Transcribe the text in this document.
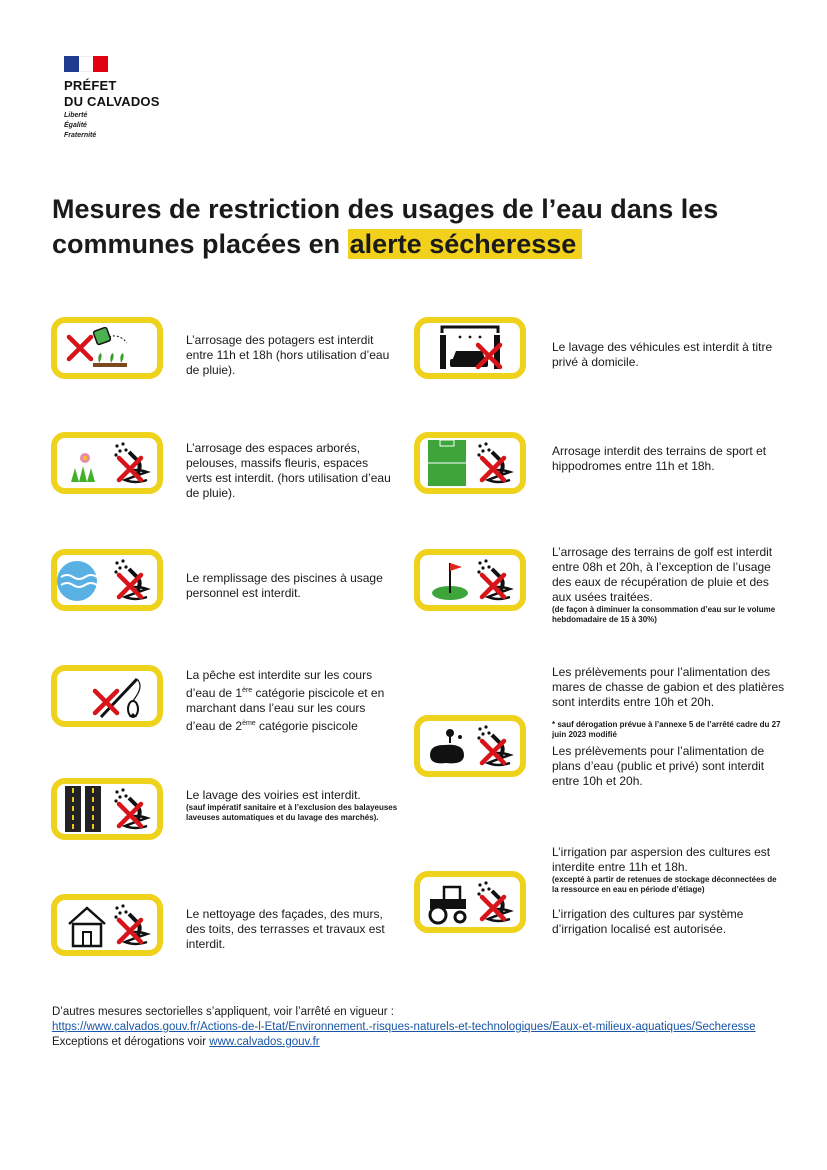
PRÉFET
DU CALVADOS
Liberté
Égalité
Fraternité
Mesures de restriction des usages de l’eau dans les communes placées en alerte sécheresse
L’arrosage des potagers est interdit entre 11h et 18h (hors utilisation d’eau de pluie).
L’arrosage des espaces arborés, pelouses, massifs fleuris, espaces verts est interdit. (hors utilisation d’eau de pluie).
Le remplissage des piscines à usage personnel est interdit.
La pêche est interdite sur les cours d’eau de 1ère catégorie piscicole et en marchant dans l’eau sur les cours d’eau de 2ème catégorie piscicole
Le lavage des voiries est interdit.
(sauf impératif sanitaire et à l’exclusion des balayeuses laveuses automatiques et du lavage des marchés).
Le nettoyage des façades, des murs, des toits, des terrasses et travaux est interdit.
Le lavage des véhicules est interdit à titre privé à domicile.
Arrosage interdit des terrains de sport et hippodromes entre 11h et 18h.
L’arrosage des terrains de golf est interdit entre 08h et 20h, à l’exception de l’usage des eaux de récupération de pluie et des aux usées traitées.
(de façon à diminuer la consommation d’eau sur le volume hebdomadaire de 15 à 30%)
Les prélèvements pour l’alimentation des mares de chasse de gabion et des platières sont interdits entre 10h et 20h.
* sauf dérogation prévue à l’annexe 5 de l’arrêté cadre du 27 juin 2023 modifié
Les prélèvements pour l’alimentation de plans d’eau (public et privé) sont interdit entre 10h et 20h.
L’irrigation par aspersion des cultures est interdite entre 11h et 18h.
(excepté à partir de retenues de stockage déconnectées de la ressource en eau en période d’étiage)
L’irrigation des cultures par système d’irrigation localisé est autorisée.
D’autres mesures sectorielles s’appliquent, voir l’arrêté en vigueur :
https://www.calvados.gouv.fr/Actions-de-l-Etat/Environnement.-risques-naturels-et-technologiques/Eaux-et-milieux-aquatiques/Secheresse
Exceptions et dérogations voir www.calvados.gouv.fr
